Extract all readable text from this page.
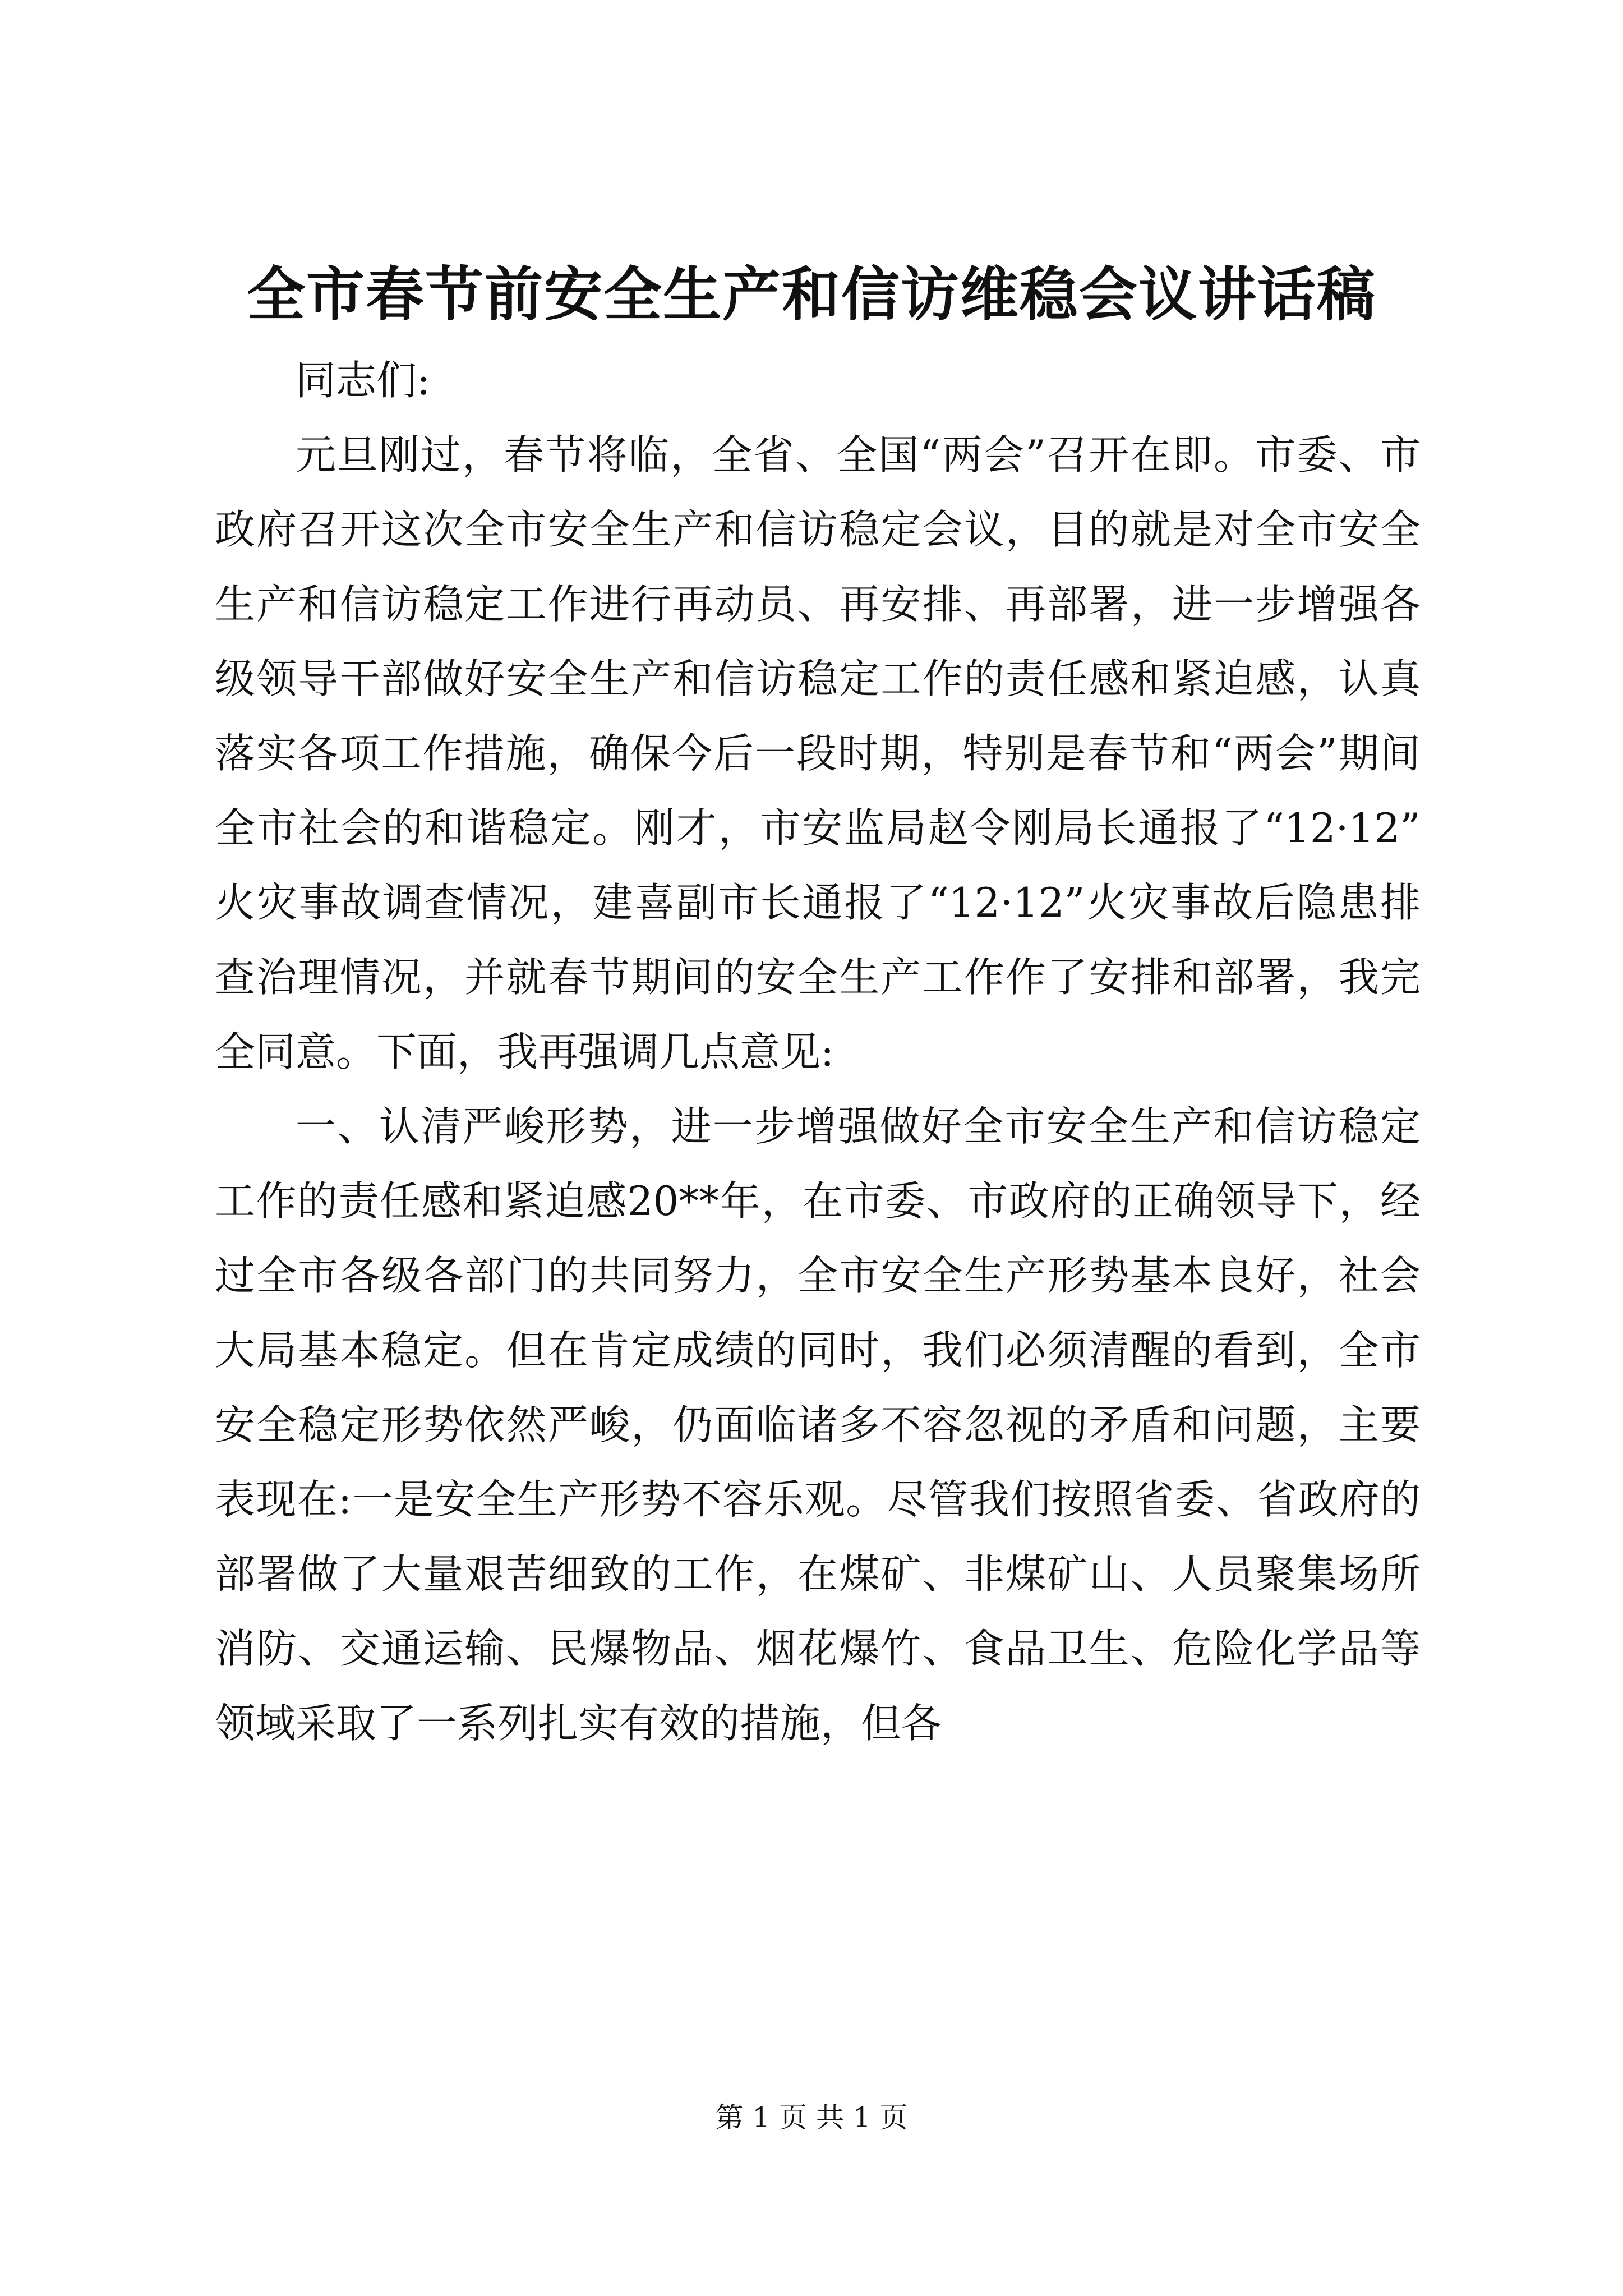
全市春节前安全生产和信访维稳会议讲话稿

同志们:

元旦刚过，春节将临，全省、全国“两会”召开在即。市委、市政府召开这次全市安全生产和信访稳定会议，目的就是对全市安全生产和信访稳定工作进行再动员、再安排、再部署，进一步增强各级领导干部做好安全生产和信访稳定工作的责任感和紧迫感，认真落实各项工作措施，确保今后一段时期，特别是春节和“两会”期间全市社会的和谐稳定。刚才，市安监局赵令刚局长通报了“12·12”火灾事故调查情况，建喜副市长通报了“12·12”火灾事故后隐患排查治理情况，并就春节期间的安全生产工作作了安排和部署，我完全同意。下面，我再强调几点意见:

一、认清严峻形势，进一步增强做好全市安全生产和信访稳定工作的责任感和紧迫感20**年，在市委、市政府的正确领导下，经过全市各级各部门的共同努力，全市安全生产形势基本良好，社会大局基本稳定。但在肯定成绩的同时，我们必须清醒的看到，全市安全稳定形势依然严峻，仍面临诸多不容忽视的矛盾和问题，主要表现在:一是安全生产形势不容乐观。尽管我们按照省委、省政府的部署做了大量艰苦细致的工作，在煤矿、非煤矿山、人员聚集场所消防、交通运输、民爆物品、烟花爆竹、食品卫生、危险化学品等领域采取了一系列扎实有效的措施，但各

第 1 页 共 1 页
